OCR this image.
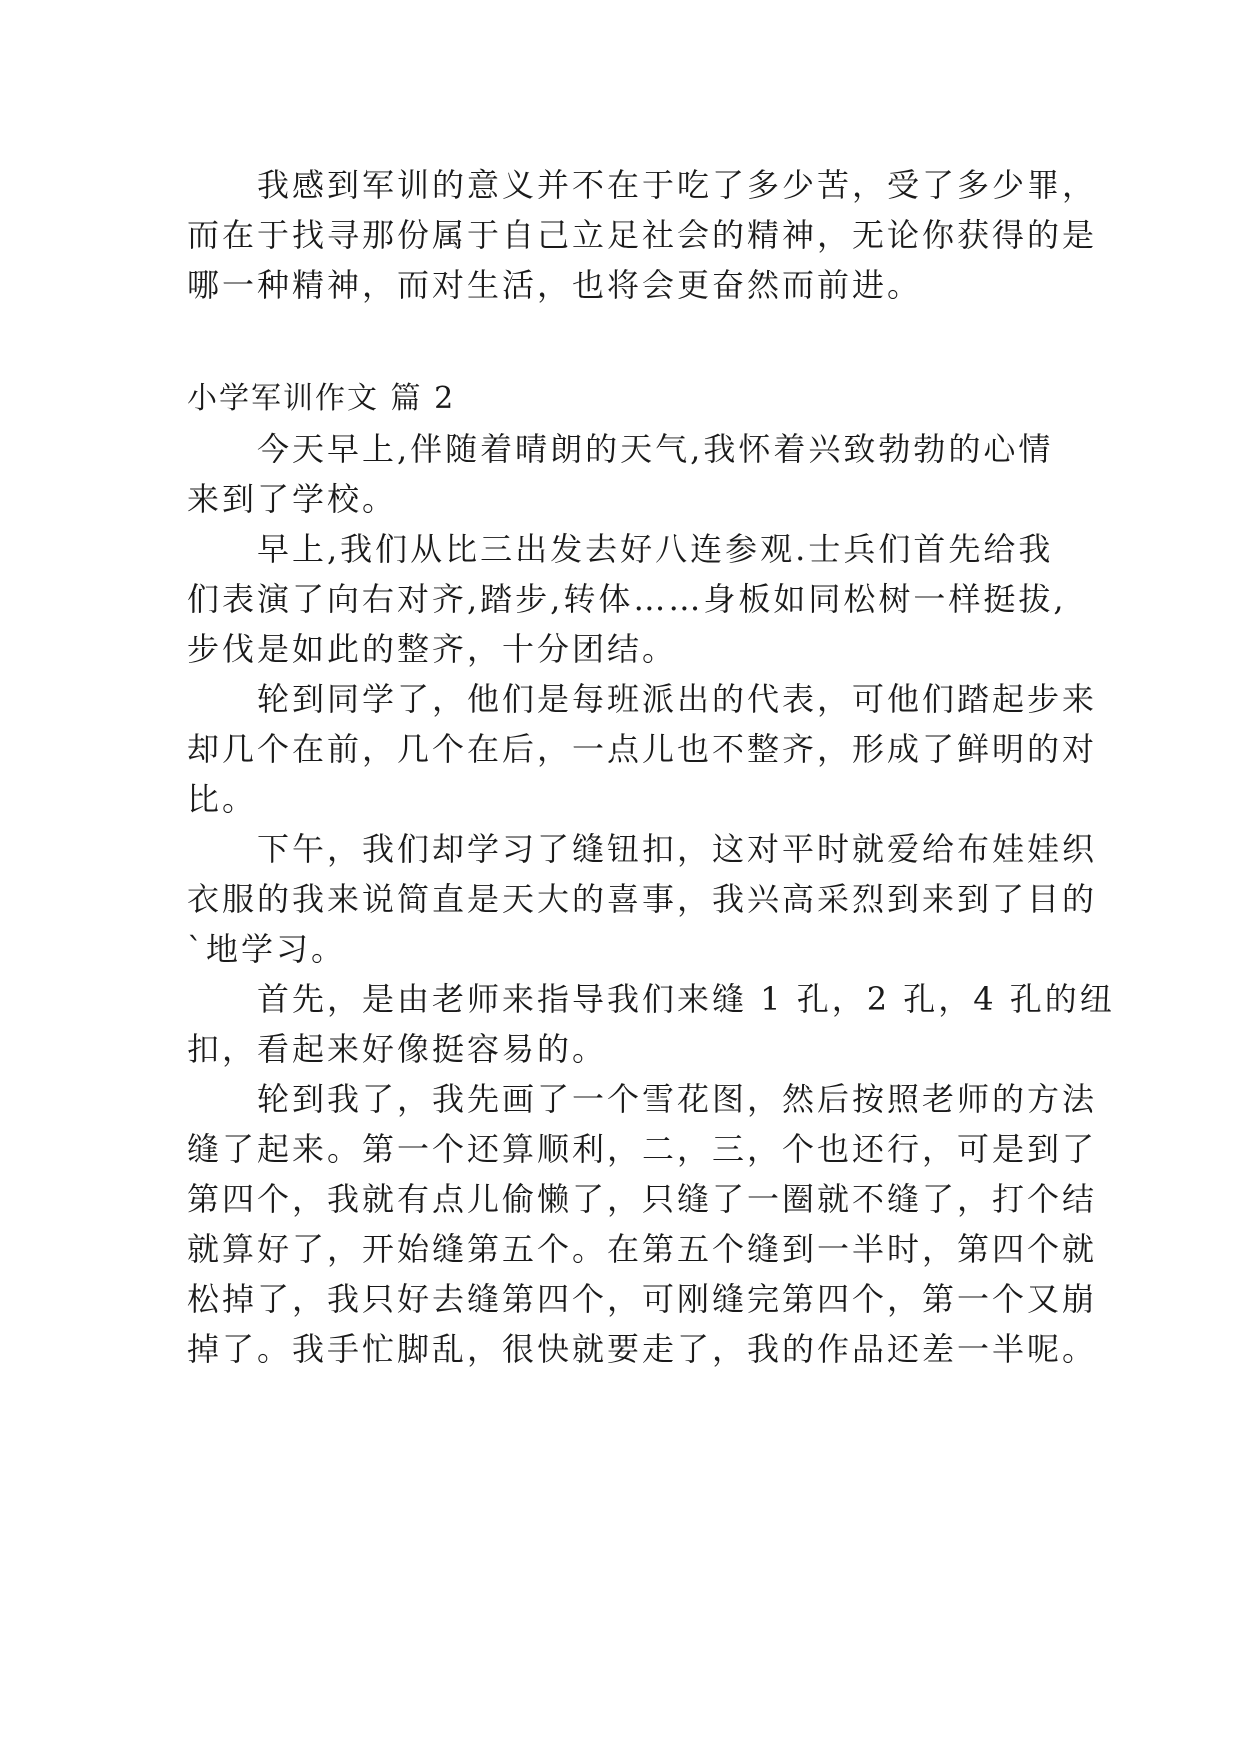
我感到军训的意义并不在于吃了多少苦，受了多少罪，
而在于找寻那份属于自己立足社会的精神，无论你获得的是
哪一种精神，而对生活，也将会更奋然而前进。
小学军训作文 篇 2
今天早上,伴随着晴朗的天气,我怀着兴致勃勃的心情
来到了学校。
早上,我们从比三出发去好八连参观.士兵们首先给我
们表演了向右对齐,踏步,转体……身板如同松树一样挺拔,
步伐是如此的整齐，十分团结。
轮到同学了，他们是每班派出的代表，可他们踏起步来
却几个在前，几个在后，一点儿也不整齐，形成了鲜明的对
比。
下午，我们却学习了缝钮扣，这对平时就爱给布娃娃织
衣服的我来说简直是天大的喜事，我兴高采烈到来到了目的
`地学习。
首先，是由老师来指导我们来缝 1 孔，2 孔，4 孔的纽
扣，看起来好像挺容易的。
轮到我了，我先画了一个雪花图，然后按照老师的方法
缝了起来。第一个还算顺利，二，三，个也还行，可是到了
第四个，我就有点儿偷懒了，只缝了一圈就不缝了，打个结
就算好了，开始缝第五个。在第五个缝到一半时，第四个就
松掉了，我只好去缝第四个，可刚缝完第四个，第一个又崩
掉了。我手忙脚乱，很快就要走了，我的作品还差一半呢。
